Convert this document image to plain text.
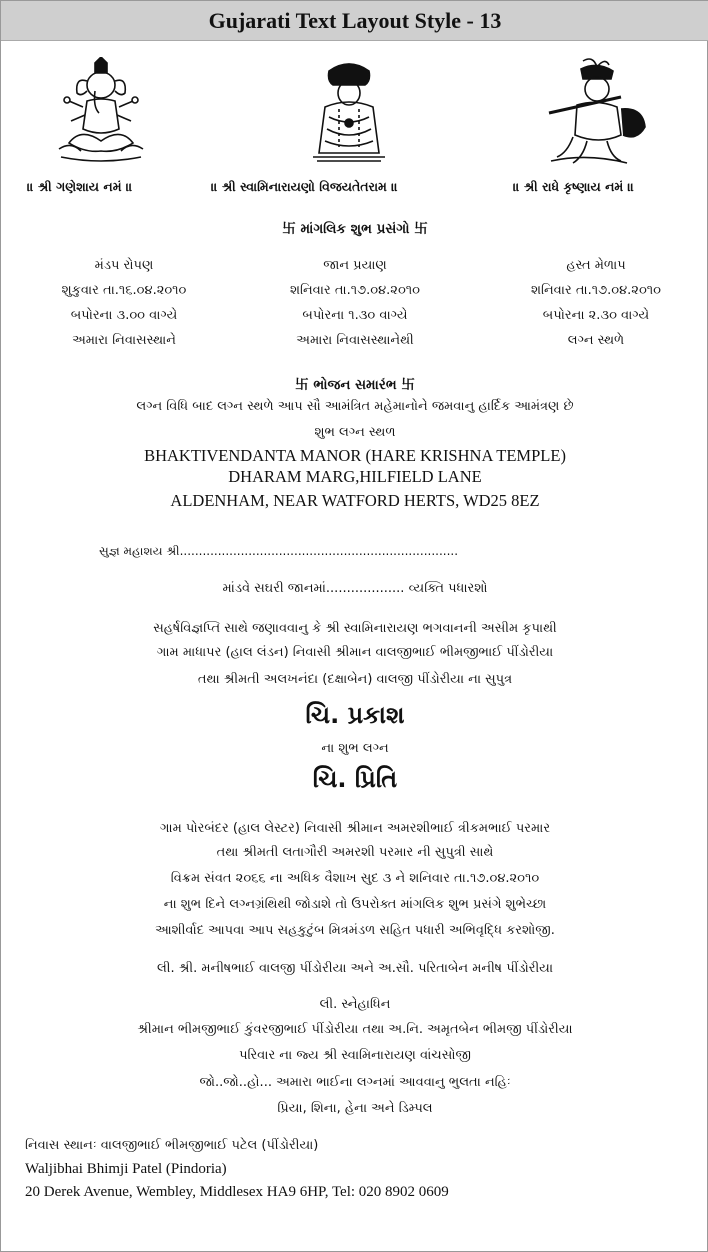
Gujarati Text Layout Style - 13
॥ શ્રી ગણેશાય નમં ॥	॥ શ્રી સ્વામિનારાયણો વિજયતેતરામ ॥	॥ શ્રી રાધે કૃષ્ણાય નમં ॥
卐 માંગલિક શુભ પ્રસંગો 卐
મંડપ રોપણ
શુકુવાર તા.૧૬.૦૪.૨૦૧૦
બપોરના ૩.૦૦ વાગ્યે
અમારા નિવાસસ્થાને
જાન પ્રયાણ
શનિવાર તા.૧૭.૦૪.૨૦૧૦
બપોરના ૧.૩૦ વાગ્યે
અમારા નિવાસસ્થાનેથી
હસ્ત મેળાપ
શનિવાર તા.૧૭.૦૪.૨૦૧૦
બપોરના ૨.૩૦ વાગ્યે
લગ્ન સ્થળે
卐 ભોજન સમારંભ 卐
લગ્ન વિધિ બાદ લગ્ન સ્થળે આપ સૌ આમંત્રિત મહેમાનોને જમવાનુ હાર્દિક આમંત્રણ છે
શુભ લગ્ન સ્થળ
BHAKTIVENDANTA MANOR (HARE KRISHNA TEMPLE)
DHARAM MARG,HILFIELD LANE
ALDENHAM, NEAR WATFORD HERTS, WD25 8EZ
સુજ્ઞ મહાશય શ્રી.........................................................................
માંડવે સઘરી જાનમાં................... વ્યક્તિ પધારશો
સહર્ષવિજ્ઞપ્તિ સાથે જણાવવાનુ કે શ્રી સ્વામિનારાયણ ભગવાનની અસીમ કૃપાથી
ગામ માધાપર (હાલ લંડન) નિવાસી શ્રીમાન વાલજીભાઈ ભીમજીભાઈ પીંડોરીયા
તથા શ્રીમતી અલખનંદા (દક્ષાબેન) વાલજી પીંડોરીયા ના સુપુત્ર
ચિ. પ્રકાશ
ના શુભ લગ્ન
ચિ. પ્રિતિ
ગામ પોરબંદર (હાલ લેસ્ટર) નિવાસી શ્રીમાન અમરશીભાઈ ત્રીકમભાઈ પરમાર
તથા શ્રીમતી લતાગૌરી અમરશી પરમાર ની સુપુત્રી સાથે
વિક્રમ સંવત ૨૦૬૬ ના અધિક વૈશાખ સુદ ૩ ને શનિવાર તા.૧૭.૦૪.૨૦૧૦
ના શુભ દિને લગ્નગ્રંથિથી જોડાશે તો ઉપરોક્ત માંગલિક શુભ પ્રસંગે શુભેચ્છા
આશીર્વાદ આપવા આપ સહકુટુંબ મિત્રમંડળ સહિત પધારી અભિવૃદ્ધિ કરશોજી.
લી. શ્રી. મનીષભાઈ વાલજી પીંડોરીયા અને અ.સૌ. પરિતાબેન મનીષ પીંડોરીયા
લી. સ્નેહાધિન
શ્રીમાન ભીમજીભાઈ કુંવરજીભાઈ પીંડોરીયા તથા અ.નિ. અમૃતબેન ભીમજી પીંડોરીયા
પરિવાર ના જ્ય શ્રી સ્વામિનારાયણ વાંચસોજી
જો..જો..હો... અમારા ભાઈના લગ્નમાં આવવાનુ ભુલતા નહિઃ
પ્રિયા, શિના, હેના અને ડિમ્પલ
નિવાસ સ્થાનઃ વાલજીભાઈ ભીમજીભાઈ પટેલ (પીંડોરીયા)
Waljibhai Bhimji Patel (Pindoria)
20 Derek Avenue, Wembley, Middlesex HA9 6HP, Tel: 020 8902 0609
